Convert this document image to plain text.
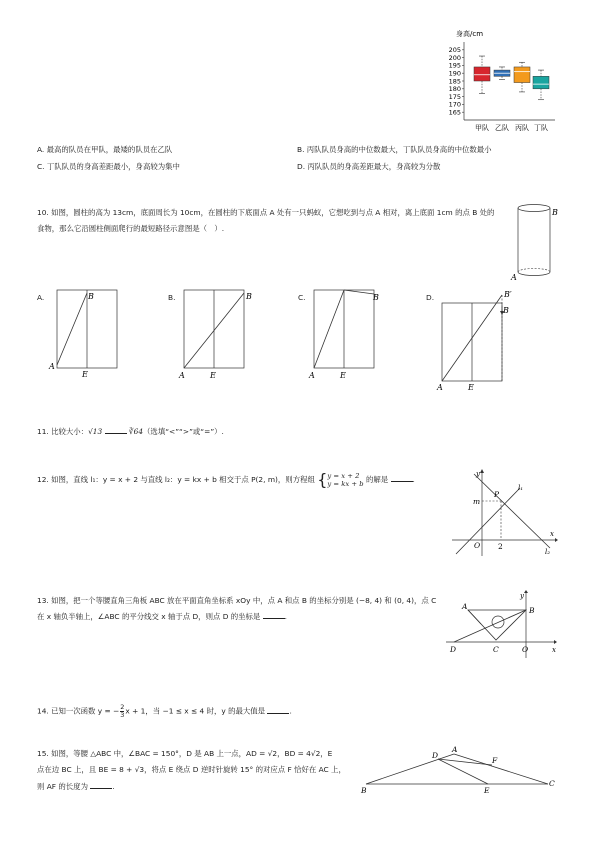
身高/cm
205
200
195
190
185
180
175
170
165
甲队 乙队 丙队 丁队
A. 最高的队员在甲队，最矮的队员在乙队	B. 丙队队员身高的中位数最大，丁队队员身高的中位数最小
C. 丁队队员的身高差距最小，身高较为集中	D. 丙队队员的身高差距最大，身高较为分散
10. 如图，圆柱的高为 13cm，底面周长为 10cm，在圆柱的下底面点 A 处有一只蚂蚁，它想吃到与点 A 相对，离上底面 1cm 的点 B 处的
食物，那么它沿圆柱侧面爬行的最短路径示意图是（　）.
B
A
A.	B
A
E
B.	B
A	E
C.	B
A	E
D.	B′
B
A	E
11. 比较大小：√13	∛64（选填“<”“>”或“=”）.
12. 如图，直线 l₁：y = x + 2 与直线 l₂：y = kx + b 相交于点 P(2, m)，则方程组 {y = x + 2
y = kx + b 的解是	.
y
x
O 2
P
m
l₁
l₂
13. 如图，把一个等腰直角三角板 ABC 放在平面直角坐标系 xOy 中，点 A 和点 B 的坐标分别是 (−8, 4) 和 (0, 4)，点 C
在 x 轴负半轴上，∠ABC 的平分线交 x 轴于点 D，则点 D 的坐标是	.
A	B
C
D	O	x
y
14. 已知一次函数 y = − $\frac{2}{3}$ x + 1，当 −1 ≤ x ≤ 4 时，y 的最大值是	.
15. 如图，等腰 △ABC 中，∠BAC = 150°，D 是 AB 上一点，AD = √2，BD = 4√2，E
点在边 BC 上，且 BE = 8 + √3，将点 E 绕点 D 逆时针旋转 15° 的对应点 F 恰好在 AC 上，
则 AF 的长度为	.
A
B
C
D
E
F
